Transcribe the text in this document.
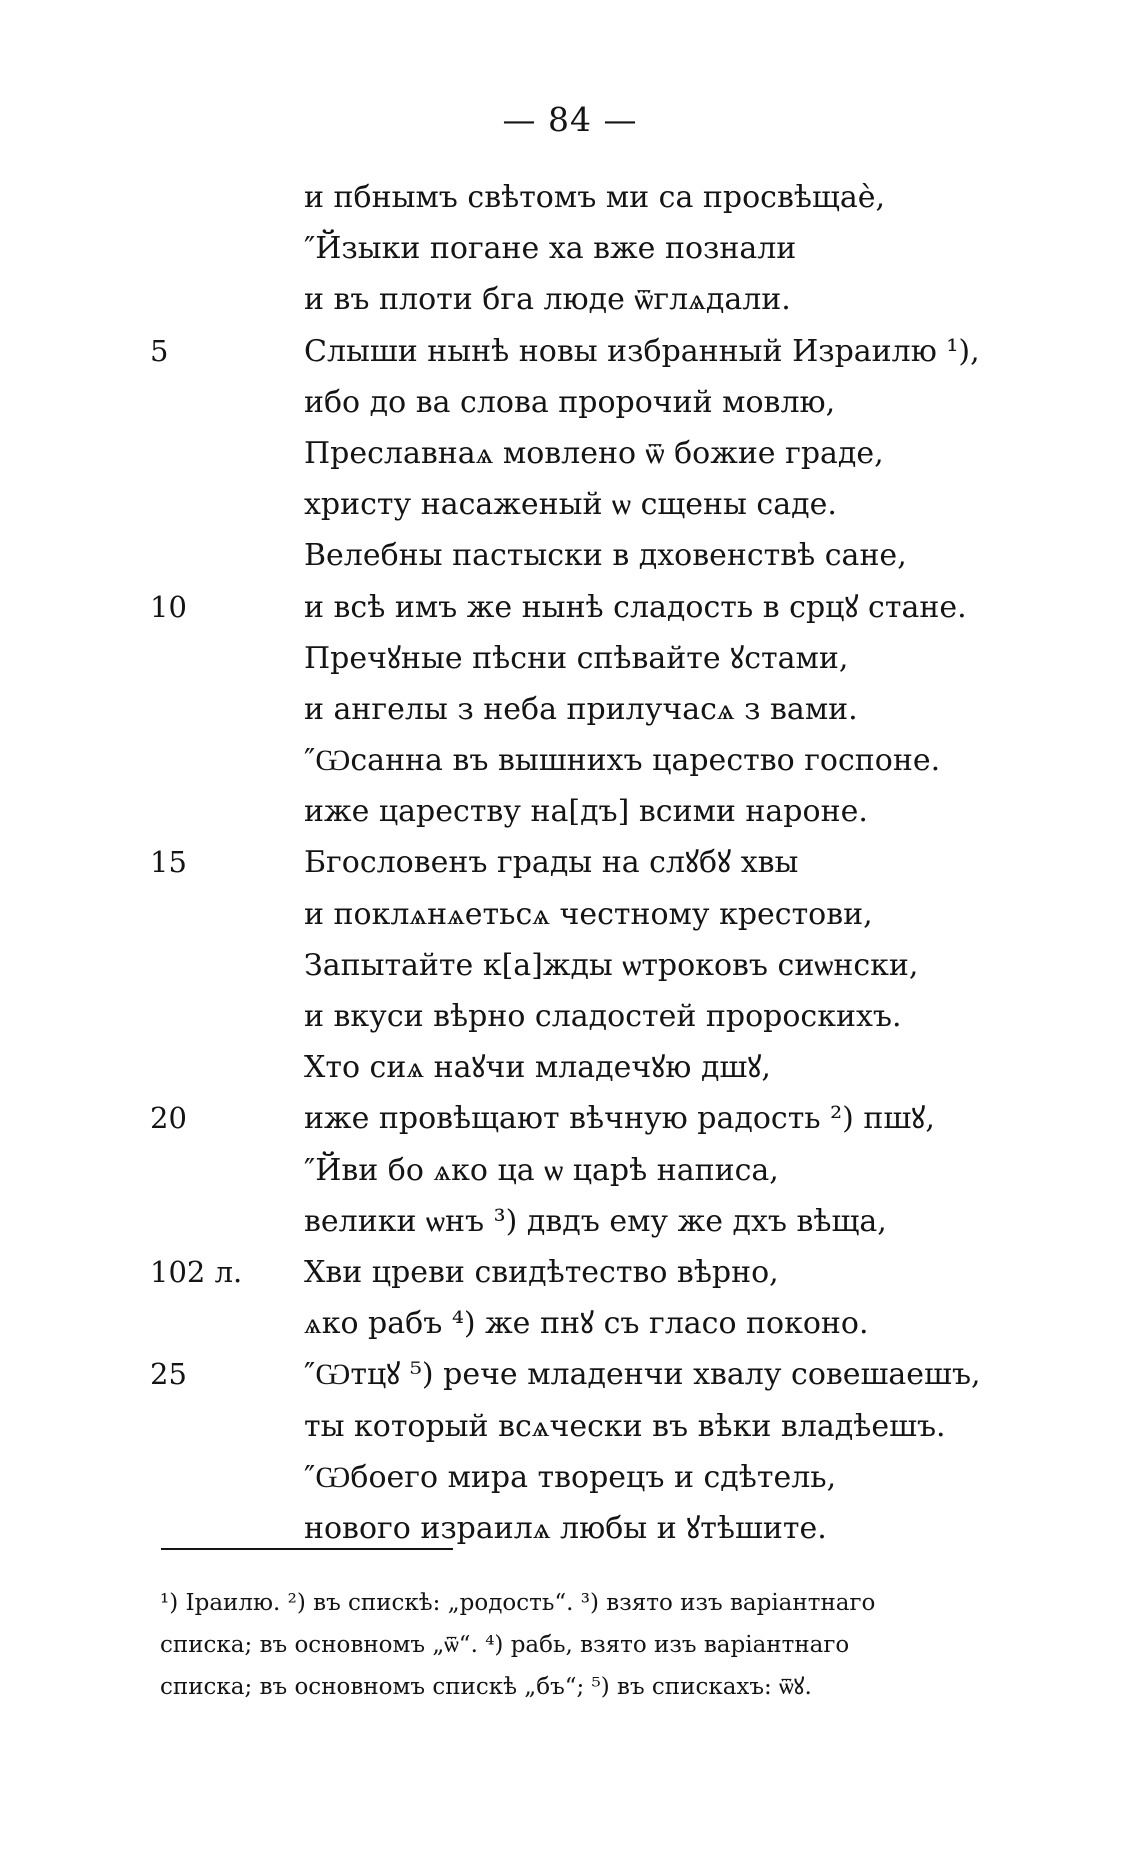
— 84 —
и пбнымъ свѣтомъ ми са просвѣщаѐ,
″Йзыки погане ха вже познали
и въ плоти бга люде ѿглѧдали.
5	Слыши нынѣ новы избранный Израилю ¹),
ибо до ва слова пророчий мовлю,
Преславнаѧ мовлено ѿ божие граде,
христу насаженый ѡ сщены саде.
Велебны пастыски в дховенствѣ сане,
10	и всѣ имъ же нынѣ сладость в срцꙋ стане.
Пречꙋные пѣсни спѣвайте ꙋстами,
и ангелы з неба прилучасѧ з вами.
″Ѡсанна въ вышнихъ царество госпоне.
иже цареству на[дъ] всими нароне.
15	Бгословенъ грады на слꙋбꙋ хвы
и поклѧнѧетьсѧ честному крестови,
Запытайте к[а]жды ѡтроковъ сиѡнски,
и вкуси вѣрно сладостей пророскихъ.
Хто сиѧ наꙋчи младечꙋю дшꙋ,
20	иже провѣщают вѣчную радость ²) пшꙋ,
″Йви бо ѧко ца ѡ царѣ написа,
велики ѡнъ ³) двдъ ему же дхъ вѣща,
102 л. Хви цреви свидѣтество вѣрно,
ѧко рабъ ⁴) же пнꙋ съ гласо поконо.
25	″Ѡтцꙋ ⁵) рече младенчи хвалу совешаешъ,
ты который всѧчески въ вѣки владѣешъ.
″Ѡбоего мира творецъ и сдѣтель,
нового израилѧ любы и ꙋтѣшите.
¹) Іраилю. ²) въ спискѣ: „родость“. ³) взято изъ варіантнаго
списка; въ основномъ „ѿ“. ⁴) рабь, взято изъ варіантнаго
списка; въ основномъ спискѣ „бъ“; ⁵) въ спискахъ: ѿꙋ.
